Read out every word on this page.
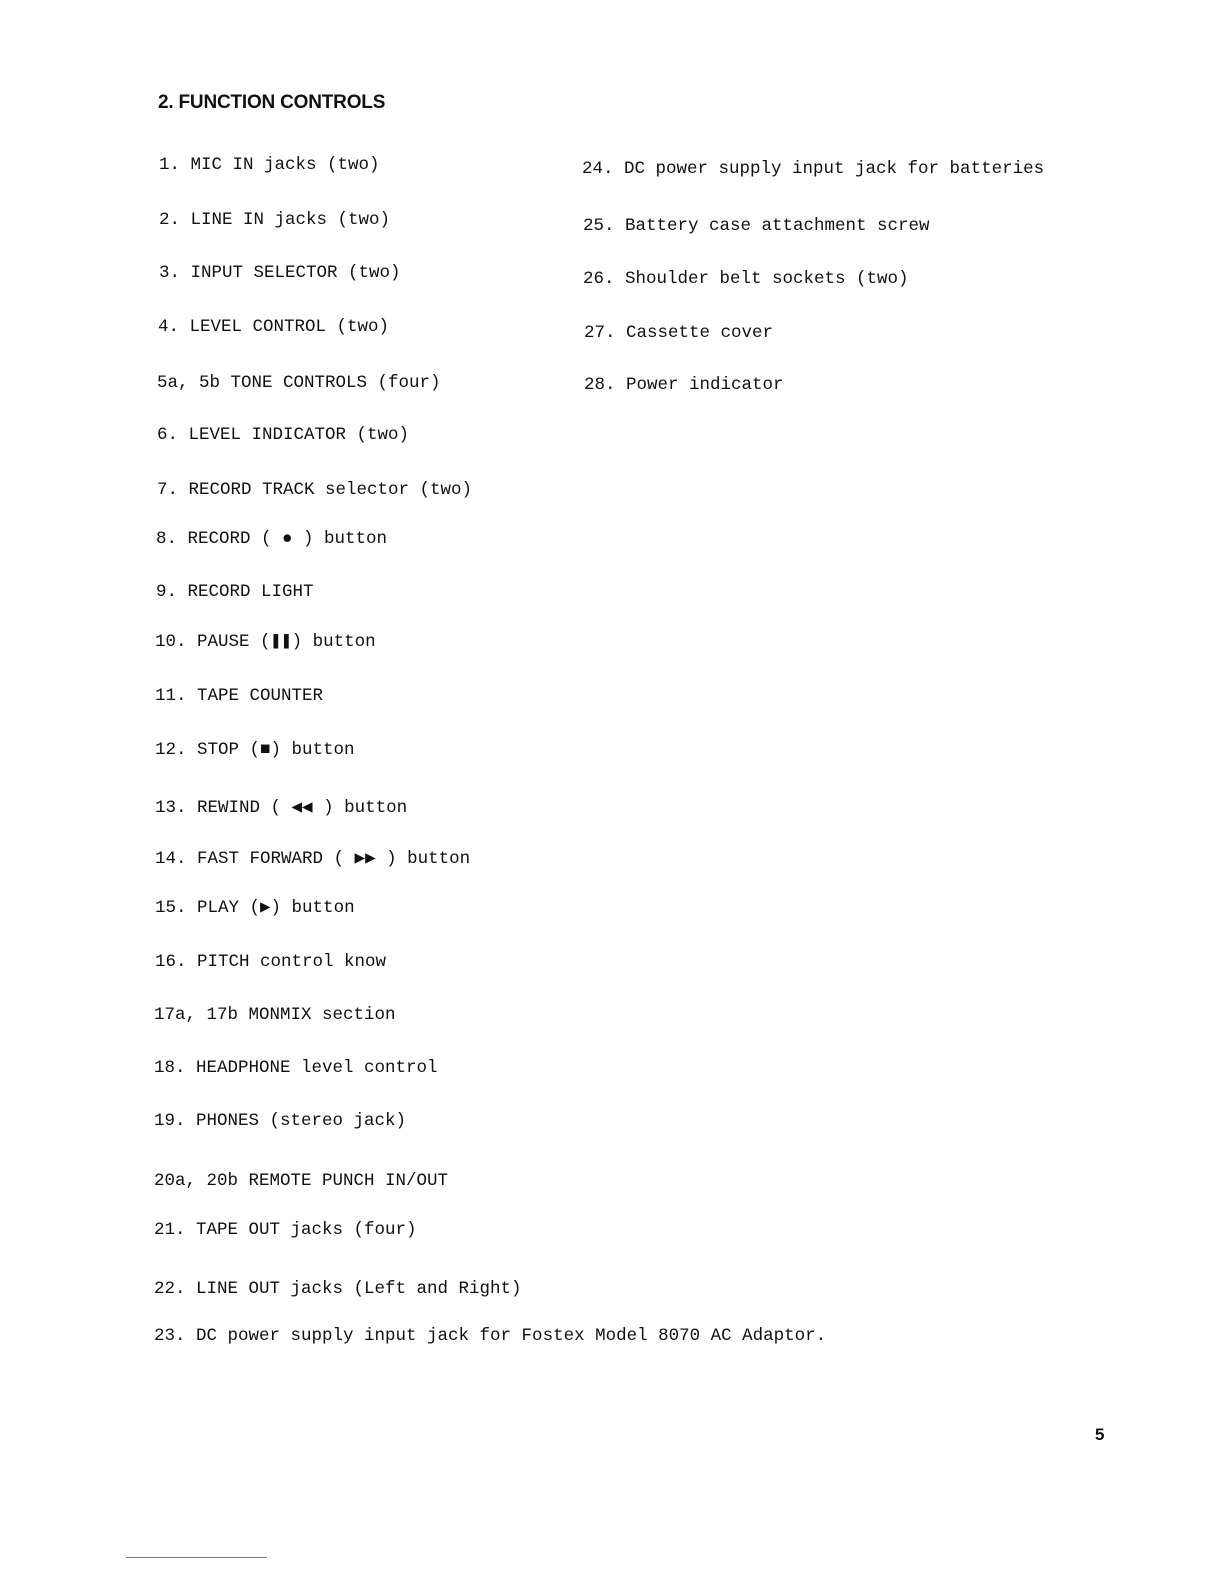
2. FUNCTION CONTROLS
1. MIC IN jacks (two)
2. LINE IN jacks (two)
3. INPUT SELECTOR (two)
4. LEVEL CONTROL (two)
5a, 5b TONE CONTROLS (four)
6. LEVEL INDICATOR (two)
7. RECORD TRACK selector (two)
8. RECORD ( ● ) button
9. RECORD LIGHT
10. PAUSE (❚❚) button
11. TAPE COUNTER
12. STOP (■) button
13. REWIND ( ◀◀ ) button
14. FAST FORWARD ( ▶▶ ) button
15. PLAY (▶) button
16. PITCH control know
17a, 17b MONMIX section
18. HEADPHONE level control
19. PHONES (stereo jack)
20a, 20b REMOTE PUNCH IN/OUT
21. TAPE OUT jacks (four)
22. LINE OUT jacks (Left and Right)
23. DC power supply input jack for Fostex Model 8070 AC Adaptor.
24. DC power supply input jack for batteries
25. Battery case attachment screw
26. Shoulder belt sockets (two)
27. Cassette cover
28. Power indicator
5
